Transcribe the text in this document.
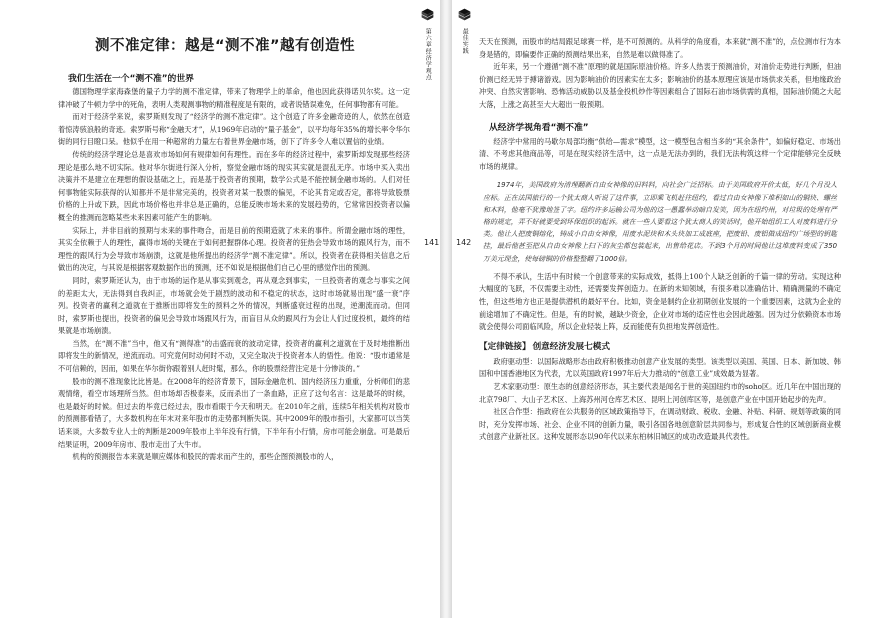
测不准定律：越是“测不准”越有创造性
我们生活在一个“测不准”的世界

德国物理学家海森堡的量子力学的测不准定律，带来了物理学上的革命，他也因此获得诺贝尔奖。这一定律冲破了牛顿力学中的死角，表明人类观测事物的精准程度是有限的，或者说错误难免，任何事物都有可能。

而对于经济学来说，索罗斯则发现了“经济学的测不准定律”。这个创造了许多金融奇迹的人，依然在创造着惊涛骇浪般的奇迹。索罗斯号称“金融天才”，从1969年启动的“量子基金”，以平均每年35%的增长率令华尔街的同行目瞪口呆。他似乎在用一种超常的力量左右着世界金融市场，创下了许多令人难以置信的业绩。

传统的经济学理论总是喜欢市场如何有规律如何有理性。而在多年的经济过程中，索罗斯却发现那些经济理论是那么地不切实际。他对华尔街进行深入分析，察觉金融市场的现实其实就是混乱无序。市场中买入卖出决策并不是建立在理想的假设基础之上，而是基于投资者的预期，数学公式是不能控制金融市场的。人们对任何事物能实际获得的认知都并不是非常完美的，投资者对某一股票的偏见，不论其肯定或否定，都将导致股票价格的上升或下跌，因此市场价格也并非总是正确的，总能反映市场未来的发展趋势的，它常常因投资者以偏概全的推测而忽略某些未来因素可能产生的影响。

实际上，并非目前的预期与未来的事件吻合，而是目前的预期造就了未来的事件。所谓金融市场的理性，其实全依赖于人的理性，赢得市场的关键在于如何把握群体心理。投资者的狂热会导致市场的跟风行为，而不理性的跟风行为会导致市场崩溃，这就是他所提出的经济学“测不准定律”。所以，投资者在获得相关信息之后做出的决定，与其说是根据客观数据作出的预测，还不如说是根据他们自己心里的感觉作出的预测。

同时，索罗斯还认为，由于市场的运作是从事实到观念，再从观念到事实，一旦投资者的观念与事实之间的差距太大，无法得到自我纠正，市场就会处于剧烈的波动和不稳定的状态，这时市场就易出现“盛一衰”序列。投资者的赢利之道就在于推断出即将发生的预料之外的情况，判断盛衰过程的出现，逆潮流而动。但同时，索罗斯也提出，投资者的偏见会导致市场跟风行为，而盲目从众的跟风行为会让人们过度投机，最终的结果就是市场崩溃。

当然，在“测不准”当中，他又有“测得准”的击盛而衰的波动定律，投资者的赢利之道就在于及时地推断出即将发生的新情况，逆流而动。可究竟何时动何时不动，又完全取决于投资者本人的悟性。他说：“股市通常是不可信赖的，因而，如果在华尔街你跟着别人赶时髦，那么，你的股票经营注定是十分惨淡的。”

股市的测不准现象比比皆是。在2008年的经济背景下，国际金融危机、国内经济压力重重，分析师们的悲观情绪，看空市场理所当然。但市场却否极泰来，反而杀出了一条血路，正应了这句名言：这是最坏的时候，也是最好的时候。但过去的毕竟已经过去，股市看眼于今天和明天。在2010年之前，连续5年相关机构对股市的预测都看错了，大多数机构在年末对来年股市的走势都判断失误。其中2009年的股市指引，大家都可以当笑话来谈，大多数专业人士的判断是2009年股市上半年没有行情，下半年有小行情，房市可能会崩盘。可是最后结果证明，2009年房市、股市走出了大牛市。

机构的预测报告本来就是顺应媒体和股民的需求而产生的，那些企图预测股市的人，

第六章
经济学观点
最佳实践
141 142

天天在预测，而股市的结局跟足球赛一样，是不可预测的。从科学的角度看，本来就“测不准”的，点位测市行为本身是错的，即偏要作正确的预测结果出来，自然是难以做得准了。

近年来，另一个遵循“测不准”原理的就是国际原油价格。许多人热衷于预测油价，对油价走势进行判断，但油价测已经无异于搏诸游戏。因为影响油价的因素实在太多；影响油价的基本原理应该是市场供求关系，但地缘政治冲突、自然灾害影响、恐怖活动威胁以及基金投机炒作等因素组合了国际石油市场供需的真相，国际油价随之大起大落，上涨之高甚至大大超出一般预期。

从经济学视角看“测不准”

经济学中常用的马歇尔局部均衡“供给—需求”模型，这一模型包含相当多的“其余条件”，如偏好稳定、市场出清、不考虑其他商品等，可是在现实经济生活中，这一点是无法办到的，我们无法构筑这样一个定律能够完全反映市场的规律。

1974年，美国政府为清理翻新自由女神像的旧料料，向社会广泛招标。由于美国政府开价太低，好几个月没人应标。正在法国旅行的一个犹太商人听说了这件事，立即乘飞机赶往纽约，看过自由女神像下堆积如山的铜块、螺丝和木料，他毫不犹豫地签了字。纽约许多运输公司为他的这一愚蠢举动暗自发笑，因为在纽约州，对垃圾的处理有严格的规定，弄不好就要受到环保组织的起诉。就在一些人要看这个犹太商人的笑话时，他开始组织工人对废料进行分类。他让人把废铜熔化，铸成小自由女神像，用废水泥块和木头块加工成底座，把废铅、废铝做成纽约广场型的钥匙挂，最后他甚至把从自由女神像上扫下的灰尘都包装起来，出售给花店。不到3个月的时间他让这堆废料变成了350万美元现金，使每磅铜的价格整整翻了1000倍。

不得不承认，生活中有时候一个创意带来的实际成效，抵得上100个人缺乏创新的千篇一律的劳动。实现这种大幅度的飞跃，不仅需要主动性，还需要发挥创造力。在新的未知领域，有很多难以准确估计、精确测量的不确定性，但这些地方也正是提供潜机的最好平台。比如，资金是制约企业初期创业发展的一个重要因素，这就为企业的前途增加了不确定性。但是，有的时候，越缺少资金，企业对市场的适应性也会因此越强。因为过分依赖资本市场就会使得公司面临风险，所以企业轻装上阵，反而能使有负担地发挥创造性。

【定律链接】 创意经济发展七模式

政府驱动型：以国际战略形态由政府积极推动创意产业发展的类型。该类型以美国、英国、日本、新加坡、韩国和中国香港地区为代表，尤以英国政府1997年后大力推动的“创意工业”成效最为显著。

艺术家驱动型：原生态的创意经济形态，其主要代表是闻名于世的美国纽约市的soho区。近几年在中国出现的北京798厂、大山子艺术区、上海苏州河仓库艺术区、昆明上河创库区等，是创意产业在中国开始起步的先声。

社区合作型：指政府在公共服务的区域政策指导下，在调动财政、税收、金融、补贴、科研、规划等政策的同时，充分发挥市场、社会、企业不同的创新力量，吸引各国各地创意阶层共同参与，形成复合性的区域创新商业模式创意产业新社区。这种发展形态以90年代以来东柏林旧城区的成功改造最具代表性。
